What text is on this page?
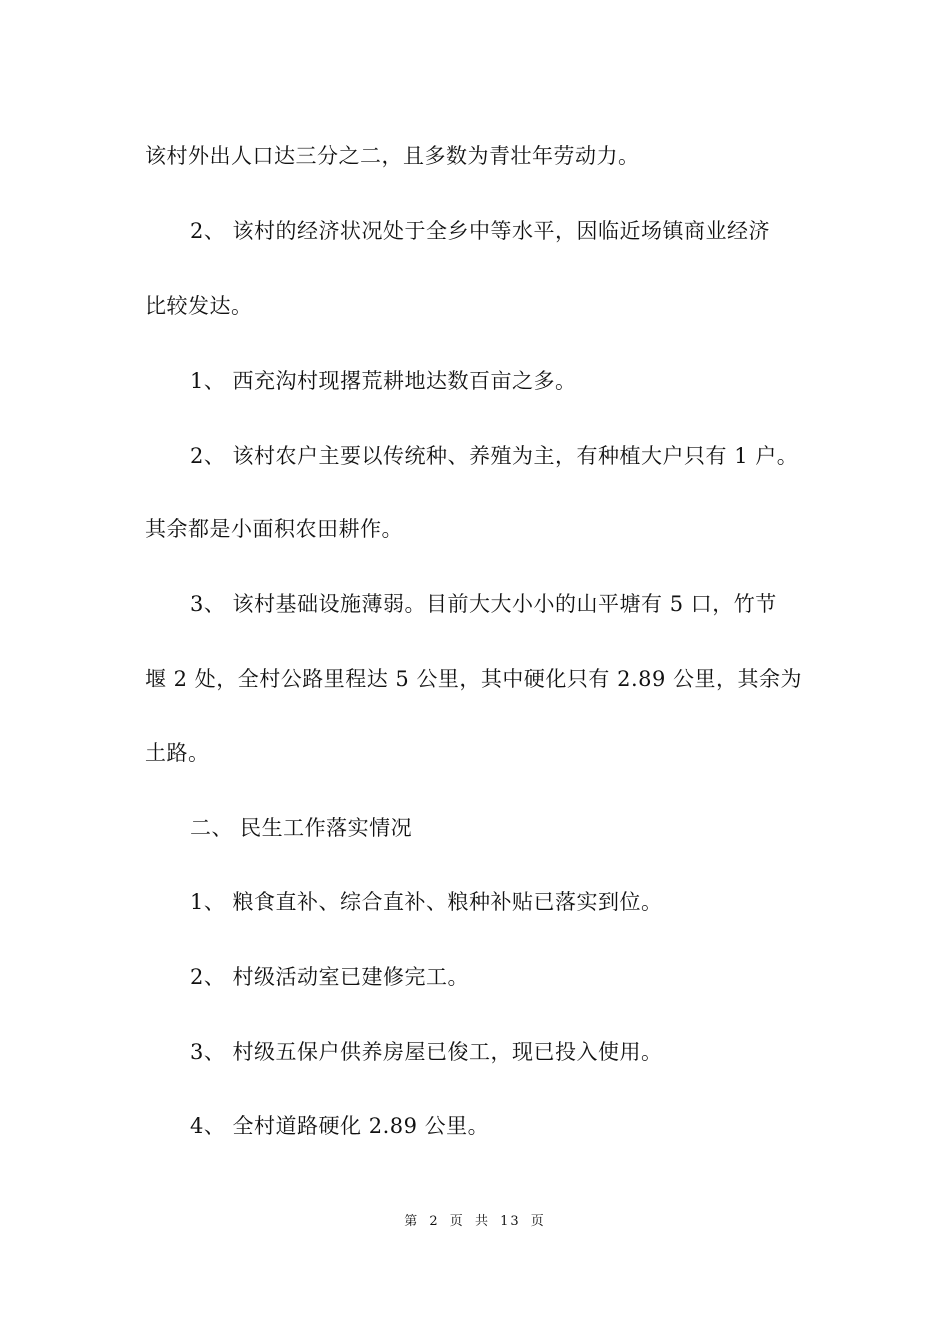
该村外出人口达三分之二，且多数为青壮年劳动力。
2、 该村的经济状况处于全乡中等水平，因临近场镇商业经济
比较发达。
1、 西充沟村现撂荒耕地达数百亩之多。
2、 该村农户主要以传统种、养殖为主，有种植大户只有 1 户。
其余都是小面积农田耕作。
3、 该村基础设施薄弱。目前大大小小的山平塘有 5 口，竹节
堰 2 处，全村公路里程达 5 公里，其中硬化只有 2.89 公里，其余为
土路。
二、 民生工作落实情况
1、 粮食直补、综合直补、粮种补贴已落实到位。
2、 村级活动室已建修完工。
3、 村级五保户供养房屋已俊工，现已投入使用。
4、 全村道路硬化 2.89 公里。
第 2 页 共 13 页
